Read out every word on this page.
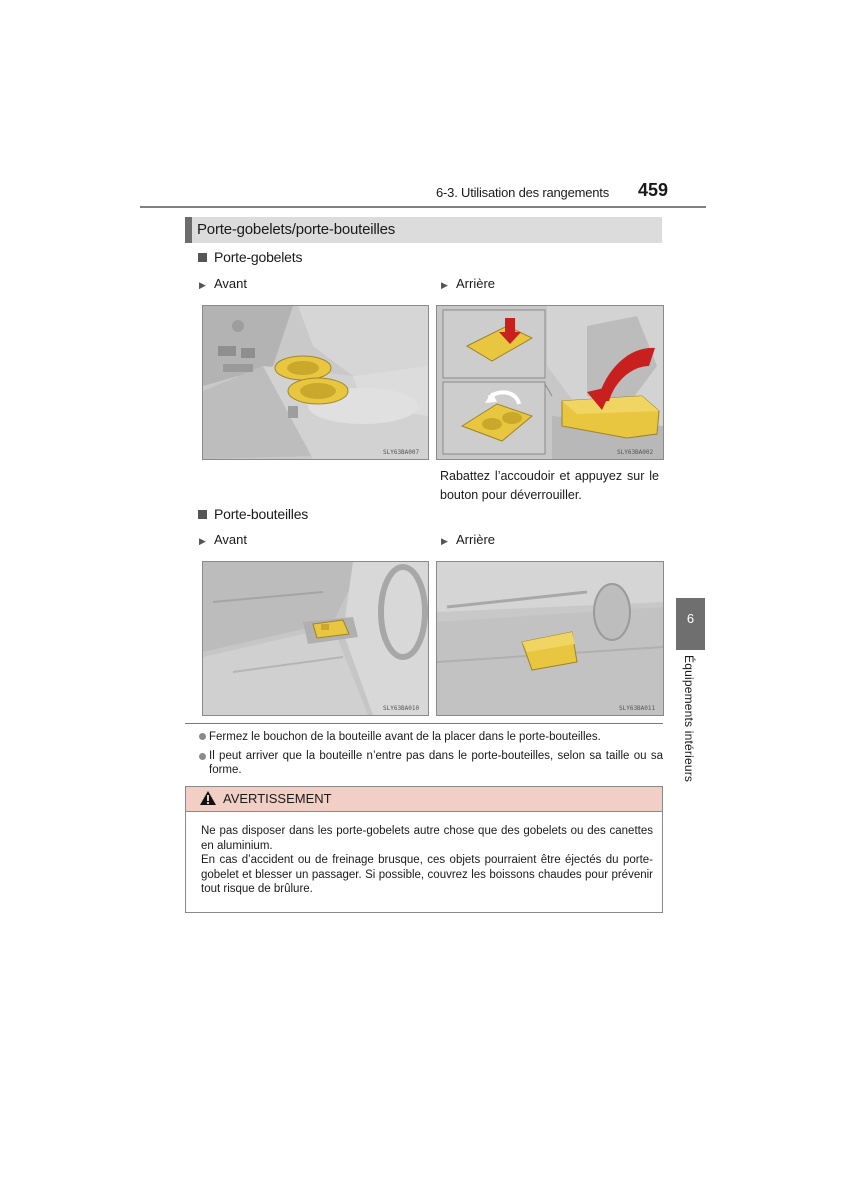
6-3. Utilisation des rangements 459
Porte-gobelets/porte-bouteilles
Porte-gobelets
▶ Avant	▶ Arrière
SLY63BA007	SLY63BA002
Rabattez l’accoudoir et appuyez sur le bouton pour déverrouiller.
Porte-bouteilles
▶ Avant	▶ Arrière
SLY63BA010	SLY63BA011
Fermez le bouchon de la bouteille avant de la placer dans le porte-bouteilles.
Il peut arriver que la bouteille n’entre pas dans le porte-bouteilles, selon sa taille ou sa forme.
AVERTISSEMENT
Ne pas disposer dans les porte-gobelets autre chose que des gobelets ou des canettes en aluminium.
En cas d’accident ou de freinage brusque, ces objets pourraient être éjectés du porte-gobelet et blesser un passager. Si possible, couvrez les boissons chaudes pour prévenir tout risque de brûlure.
6
Équipements intérieurs
